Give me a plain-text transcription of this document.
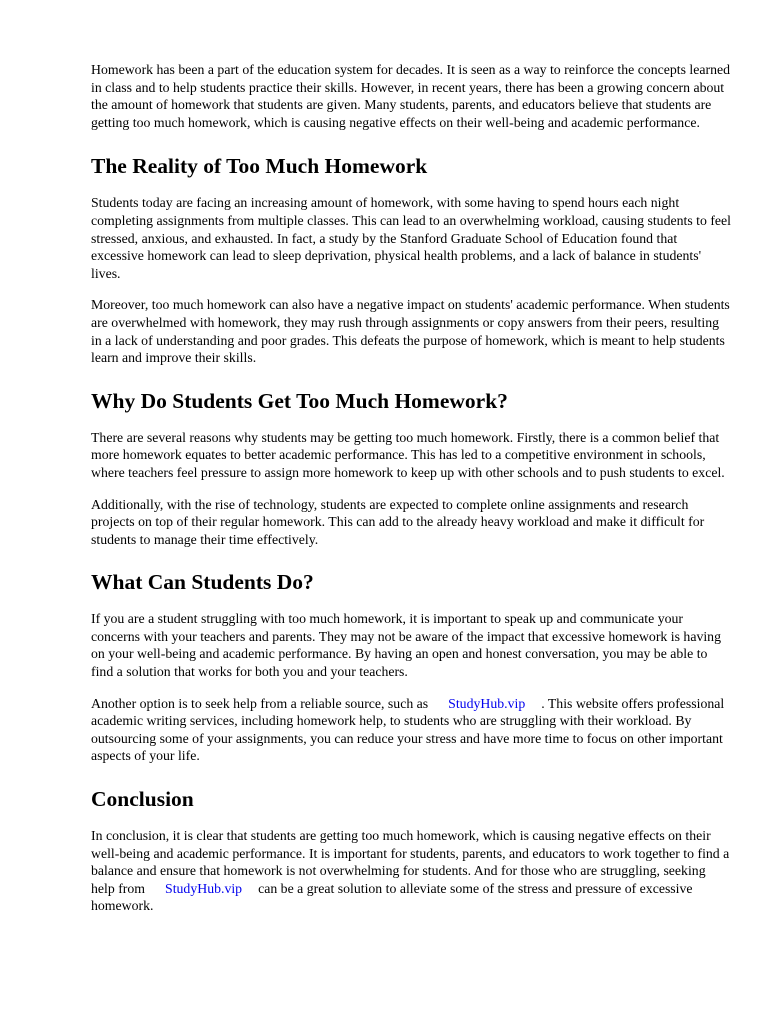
Homework has been a part of the education system for decades. It is seen as a way to reinforce the concepts learned in class and to help students practice their skills. However, in recent years, there has been a growing concern about the amount of homework that students are given. Many students, parents, and educators believe that students are getting too much homework, which is causing negative effects on their well-being and academic performance.

The Reality of Too Much Homework

Students today are facing an increasing amount of homework, with some having to spend hours each night completing assignments from multiple classes. This can lead to an overwhelming workload, causing students to feel stressed, anxious, and exhausted. In fact, a study by the Stanford Graduate School of Education found that excessive homework can lead to sleep deprivation, physical health problems, and a lack of balance in students' lives.

Moreover, too much homework can also have a negative impact on students' academic performance. When students are overwhelmed with homework, they may rush through assignments or copy answers from their peers, resulting in a lack of understanding and poor grades. This defeats the purpose of homework, which is meant to help students learn and improve their skills.

Why Do Students Get Too Much Homework?

There are several reasons why students may be getting too much homework. Firstly, there is a common belief that more homework equates to better academic performance. This has led to a competitive environment in schools, where teachers feel pressure to assign more homework to keep up with other schools and to push students to excel.

Additionally, with the rise of technology, students are expected to complete online assignments and research projects on top of their regular homework. This can add to the already heavy workload and make it difficult for students to manage their time effectively.

What Can Students Do?

If you are a student struggling with too much homework, it is important to speak up and communicate your concerns with your teachers and parents. They may not be aware of the impact that excessive homework is having on your well-being and academic performance. By having an open and honest conversation, you may be able to find a solution that works for both you and your teachers.

Another option is to seek help from a reliable source, such as StudyHub.vip . This website offers professional academic writing services, including homework help, to students who are struggling with their workload. By outsourcing some of your assignments, you can reduce your stress and have more time to focus on other important aspects of your life.

Conclusion

In conclusion, it is clear that students are getting too much homework, which is causing negative effects on their well-being and academic performance. It is important for students, parents, and educators to work together to find a balance and ensure that homework is not overwhelming for students. And for those who are struggling, seeking help from StudyHub.vip can be a great solution to alleviate some of the stress and pressure of excessive homework.
